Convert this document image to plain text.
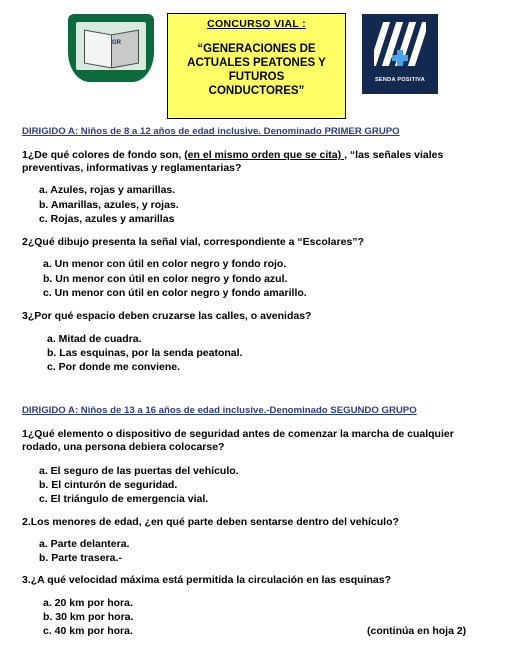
GR
CONCURSO VIAL :
“GENERACIONES DE
ACTUALES PEATONES Y
FUTUROS
CONDUCTORES”
SENDA POSITIVA
DIRIGIDO A: Niños de 8 a 12 años de edad inclusive. Denominado PRIMER GRUPO
1¿De qué colores de fondo son, (en el mismo orden que se cita) , “las señales viales
preventivas, informativas y reglamentarias?
a. Azules, rojas y amarillas.
b. Amarillas, azules, y rojas.
c. Rojas, azules y amarillas
2¿Qué dibujo presenta la señal vial, correspondiente a “Escolares”?
a. Un menor con útil en color negro y fondo rojo.
b. Un menor con útil en color negro y fondo azul.
c. Un menor con útil en color negro y fondo amarillo.
3¿Por qué espacio deben cruzarse las calles, o avenidas?
a. Mitad de cuadra.
b. Las esquinas, por la senda peatonal.
c. Por donde me conviene.
DIRIGIDO A: Niños de 13 a 16 años de edad inclusive.-Denominado SEGUNDO GRUPO
1¿Qué elemento o dispositivo de seguridad antes de comenzar la marcha de cualquier
rodado, una persona debiera colocarse?
a. El seguro de las puertas del vehículo.
b. El cinturón de seguridad.
c. El triángulo de emergencia vial.
2.Los menores de edad, ¿en qué parte deben sentarse dentro del vehículo?
a. Parte delantera.
b. Parte trasera.-
3.¿A qué velocidad máxima está permitida la circulación en las esquinas?
a. 20 km por hora.
b. 30 km por hora.
c. 40 km por hora.	(continúa en hoja 2)
